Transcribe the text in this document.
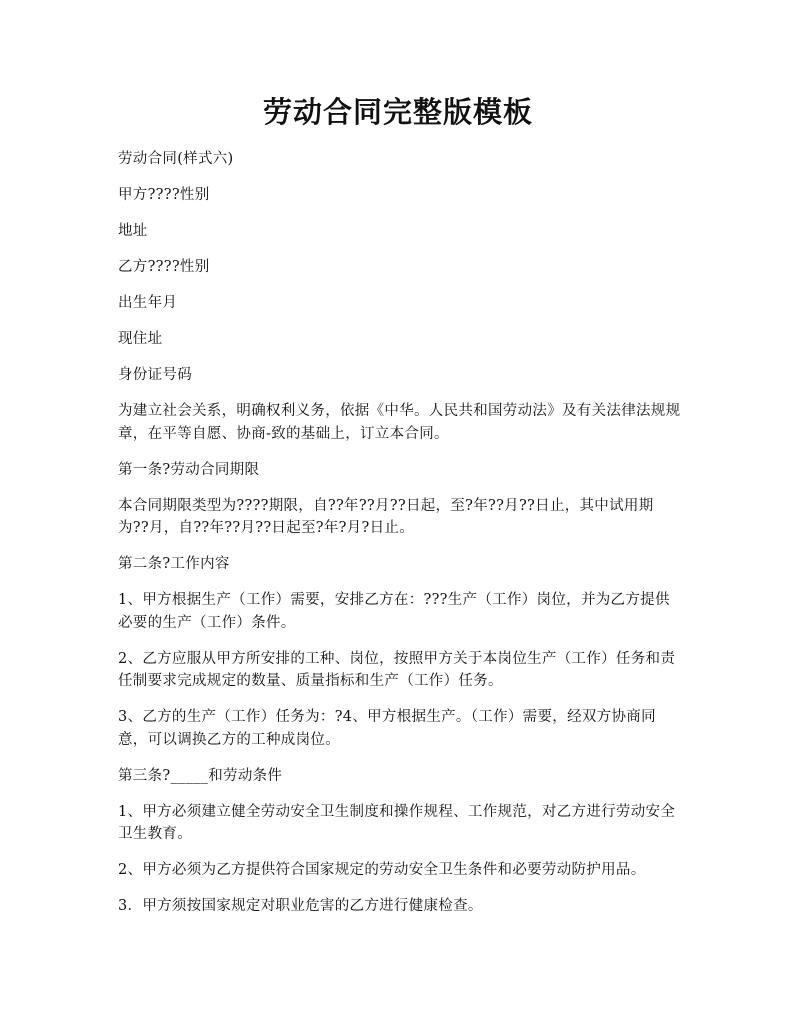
劳动合同完整版模板

劳动合同(样式六)

甲方????性别

地址

乙方????性别

出生年月

现住址

身份证号码

为建立社会关系，明确权利义务，依据《中华。人民共和国劳动法》及有关法律法规规章，在平等自愿、协商-致的基础上，订立本合同。

第一条?劳动合同期限

本合同期限类型为????期限，自??年??月??日起，至?年??月??日止，其中试用期为??月，自??年??月??日起至?年?月?日止。

第二条?工作内容

1、甲方根据生产（工作）需要，安排乙方在：???生产（工作）岗位，并为乙方提供必要的生产（工作）条件。

2、乙方应服从甲方所安排的工种、岗位，按照甲方关于本岗位生产（工作）任务和责任制要求完成规定的数量、质量指标和生产（工作）任务。

3、乙方的生产（工作）任务为：?4、甲方根据生产。（工作）需要，经双方协商同意，可以调换乙方的工种成岗位。

第三条?_____和劳动条件

1、甲方必须建立健全劳动安全卫生制度和操作规程、工作规范，对乙方进行劳动安全卫生教育。

2、甲方必须为乙方提供符合国家规定的劳动安全卫生条件和必要劳动防护用品。

3．甲方须按国家规定对职业危害的乙方进行健康检查。
